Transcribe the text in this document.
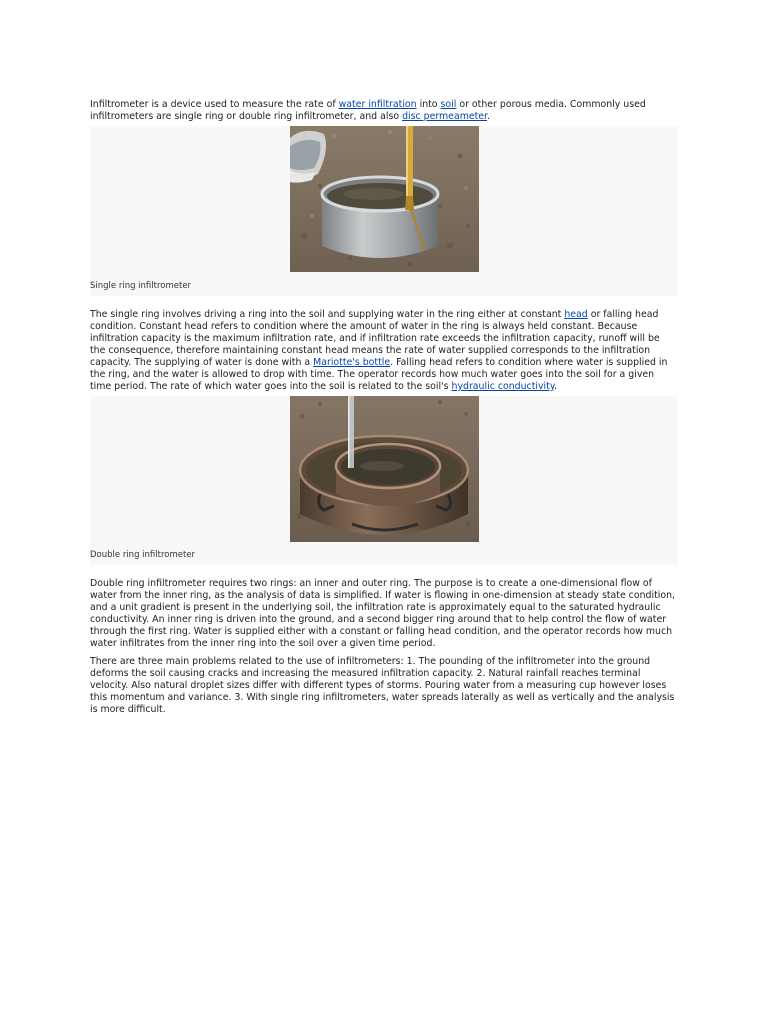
Infiltrometer is a device used to measure the rate of water infiltration into soil or other porous media. Commonly used infiltrometers are single ring or double ring infiltrometer, and also disc permeameter.

Single ring infiltrometer

The single ring involves driving a ring into the soil and supplying water in the ring either at constant head or falling head condition. Constant head refers to condition where the amount of water in the ring is always held constant. Because infiltration capacity is the maximum infiltration rate, and if infiltration rate exceeds the infiltration capacity, runoff will be the consequence, therefore maintaining constant head means the rate of water supplied corresponds to the infiltration capacity. The supplying of water is done with a Mariotte's bottle. Falling head refers to condition where water is supplied in the ring, and the water is allowed to drop with time. The operator records how much water goes into the soil for a given time period. The rate of which water goes into the soil is related to the soil's hydraulic conductivity.

Double ring infiltrometer

Double ring infiltrometer requires two rings: an inner and outer ring. The purpose is to create a one-dimensional flow of water from the inner ring, as the analysis of data is simplified. If water is flowing in one-dimension at steady state condition, and a unit gradient is present in the underlying soil, the infiltration rate is approximately equal to the saturated hydraulic conductivity. An inner ring is driven into the ground, and a second bigger ring around that to help control the flow of water through the first ring. Water is supplied either with a constant or falling head condition, and the operator records how much water infiltrates from the inner ring into the soil over a given time period.

There are three main problems related to the use of infiltrometers: 1. The pounding of the infiltrometer into the ground deforms the soil causing cracks and increasing the measured infiltration capacity. 2. Natural rainfall reaches terminal velocity. Also natural droplet sizes differ with different types of storms. Pouring water from a measuring cup however loses this momentum and variance. 3. With single ring infiltrometers, water spreads laterally as well as vertically and the analysis is more difficult.
